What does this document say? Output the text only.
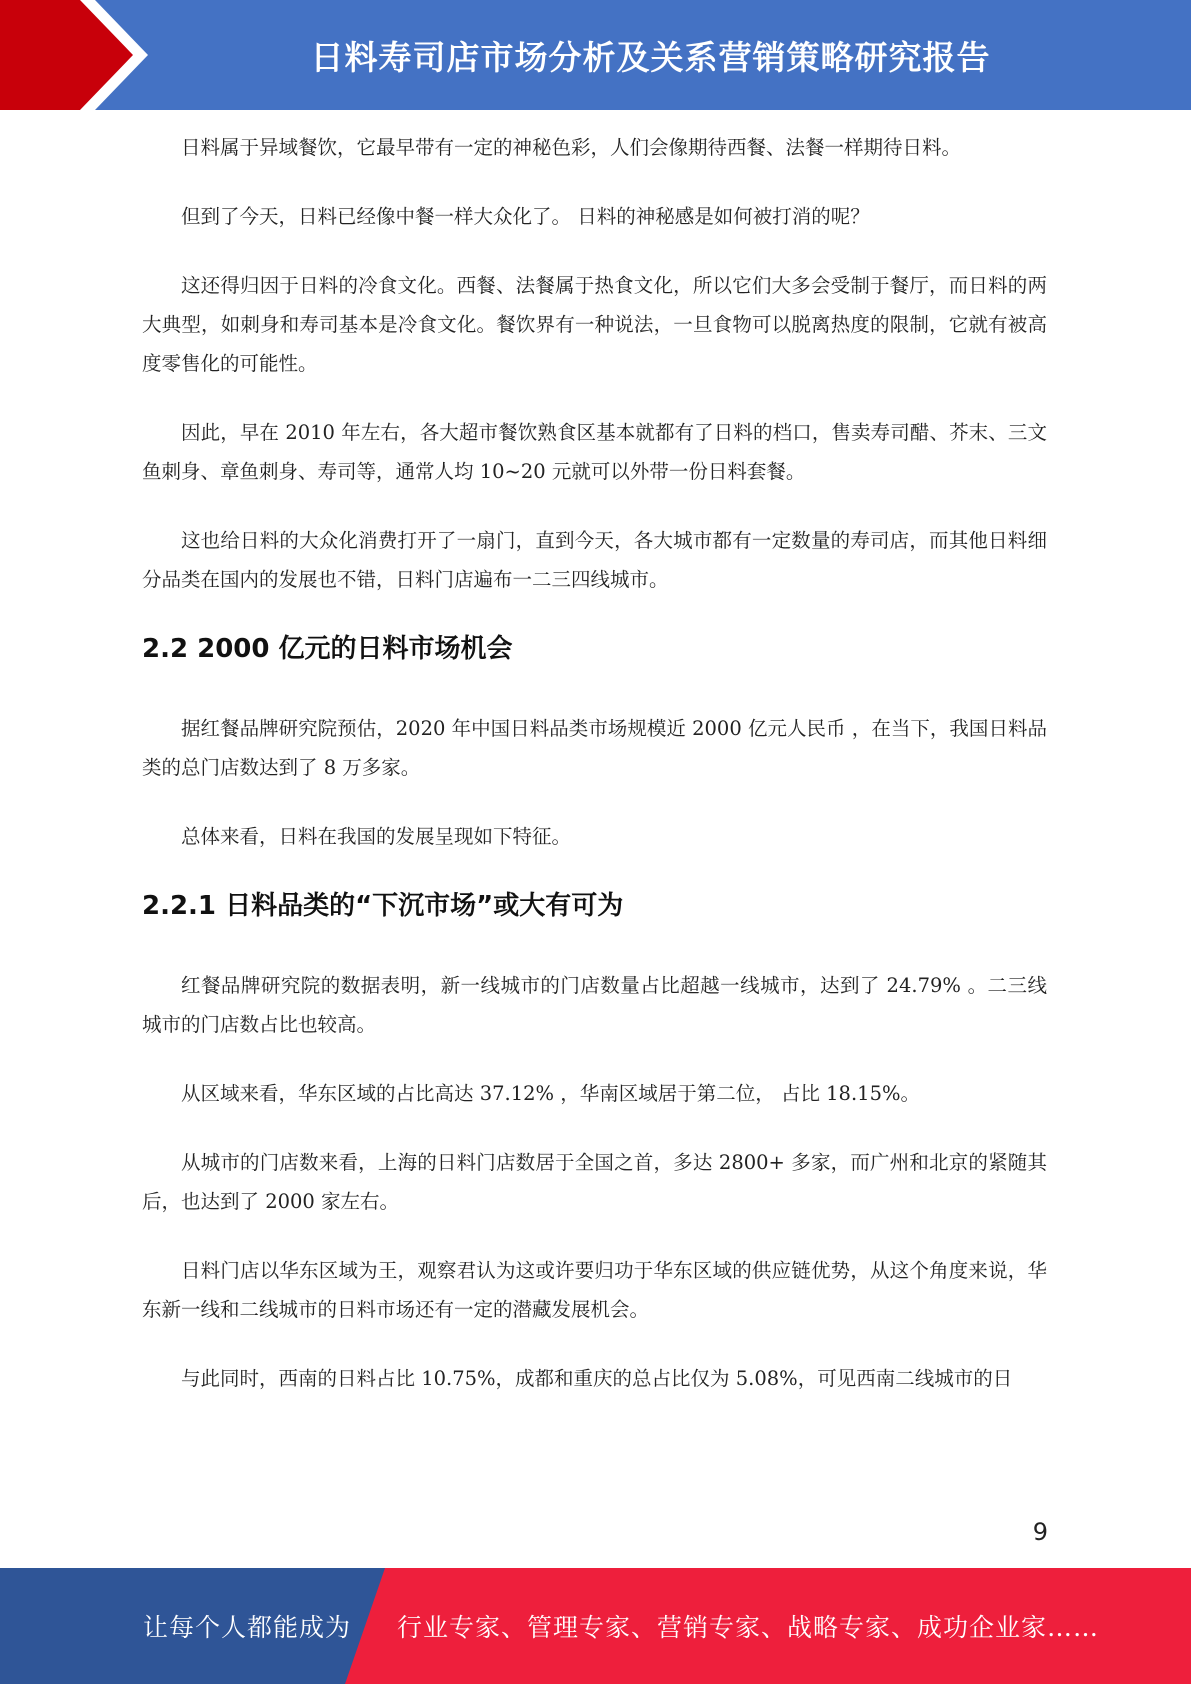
日料寿司店市场分析及关系营销策略研究报告

日料属于异域餐饮，它最早带有一定的神秘色彩，人们会像期待西餐、法餐一样期待日料。

但到了今天，日料已经像中餐一样大众化了。 日料的神秘感是如何被打消的呢？

这还得归因于日料的冷食文化。西餐、法餐属于热食文化，所以它们大多会受制于餐厅，而日料的两大典型，如刺身和寿司基本是冷食文化。餐饮界有一种说法，一旦食物可以脱离热度的限制，它就有被高度零售化的可能性。

因此，早在 2010 年左右，各大超市餐饮熟食区基本就都有了日料的档口，售卖寿司醋、芥末、三文鱼刺身、章鱼刺身、寿司等，通常人均 10~20 元就可以外带一份日料套餐。

这也给日料的大众化消费打开了一扇门，直到今天，各大城市都有一定数量的寿司店，而其他日料细分品类在国内的发展也不错，日料门店遍布一二三四线城市。

2.2 2000 亿元的日料市场机会

据红餐品牌研究院预估，2020 年中国日料品类市场规模近 2000 亿元人民币 ，在当下，我国日料品类的总门店数达到了 8 万多家。

总体来看，日料在我国的发展呈现如下特征。

2.2.1 日料品类的“下沉市场”或大有可为

红餐品牌研究院的数据表明，新一线城市的门店数量占比超越一线城市，达到了 24.79% 。二三线城市的门店数占比也较高。

从区域来看，华东区域的占比高达 37.12% ，华南区域居于第二位， 占比 18.15%。

从城市的门店数来看，上海的日料门店数居于全国之首，多达 2800+ 多家，而广州和北京的紧随其后，也达到了 2000 家左右。

日料门店以华东区域为王，观察君认为这或许要归功于华东区域的供应链优势，从这个角度来说，华东新一线和二线城市的日料市场还有一定的潜藏发展机会。

与此同时，西南的日料占比 10.75%，成都和重庆的总占比仅为 5.08%，可见西南二线城市的日

9
让每个人都能成为 行业专家、管理专家、营销专家、战略专家、成功企业家……
